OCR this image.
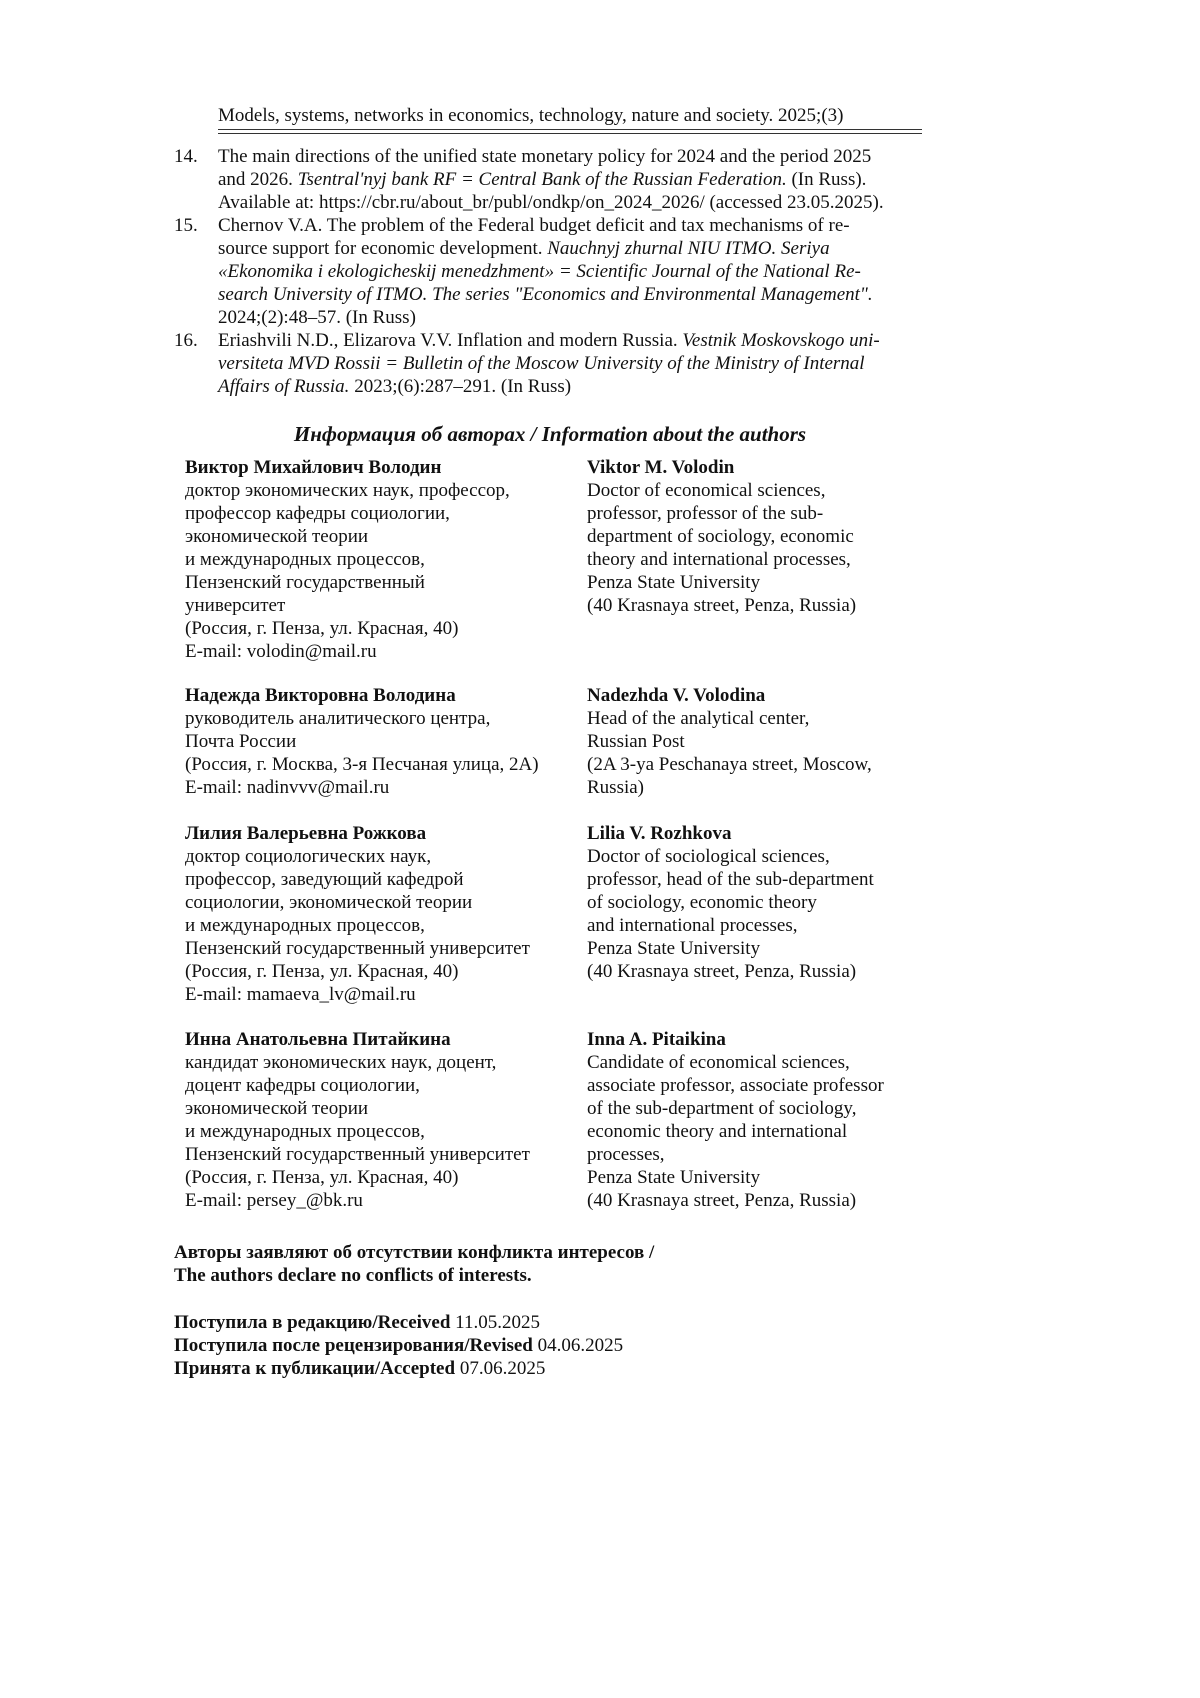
Models, systems, networks in economics, technology, nature and society. 2025;(3)
14.	The main directions of the unified state monetary policy for 2024 and the period 2025
and 2026. Tsentral'nyj bank RF = Central Bank of the Russian Federation. (In Russ).
Available at: https://cbr.ru/about_br/publ/ondkp/on_2024_2026/ (accessed 23.05.2025).
15.	Chernov V.A. The problem of the Federal budget deficit and tax mechanisms of re-
source support for economic development. Nauchnyj zhurnal NIU ITMO. Seriya
«Ekonomika i ekologicheskij menedzhment» = Scientific Journal of the National Re-
search University of ITMO. The series "Economics and Environmental Management".
2024;(2):48–57. (In Russ)
16.	Eriashvili N.D., Elizarova V.V. Inflation and modern Russia. Vestnik Moskovskogo uni-
versiteta MVD Rossii = Bulletin of the Moscow University of the Ministry of Internal
Affairs of Russia. 2023;(6):287–291. (In Russ)
Информация об авторах / Information about the authors
Виктор Михайлович Володин
доктор экономических наук, профессор,
профессор кафедры социологии,
экономической теории
и международных процессов,
Пензенский государственный
университет
(Россия, г. Пенза, ул. Красная, 40)
E-mail: volodin@mail.ru
Viktor M. Volodin
Doctor of economical sciences,
professor, professor of the sub-
department of sociology, economic
theory and international processes,
Penza State University
(40 Krasnaya street, Penza, Russia)
Надежда Викторовна Володина
руководитель аналитического центра,
Почта России
(Россия, г. Москва, 3-я Песчаная улица, 2А)
E-mail: nadinvvv@mail.ru
Nadezhda V. Volodina
Head of the analytical center,
Russian Post
(2A 3-ya Peschanaya street, Moscow,
Russia)
Лилия Валерьевна Рожкова
доктор социологических наук,
профессор, заведующий кафедрой
социологии, экономической теории
и международных процессов,
Пензенский государственный университет
(Россия, г. Пенза, ул. Красная, 40)
E-mail: mamaeva_lv@mail.ru
Lilia V. Rozhkova
Doctor of sociological sciences,
professor, head of the sub-department
of sociology, economic theory
and international processes,
Penza State University
(40 Krasnaya street, Penza, Russia)
Инна Анатольевна Питайкина
кандидат экономических наук, доцент,
доцент кафедры социологии,
экономической теории
и международных процессов,
Пензенский государственный университет
(Россия, г. Пенза, ул. Красная, 40)
E-mail: persey_@bk.ru
Inna A. Pitaikina
Candidate of economical sciences,
associate professor, associate professor
of the sub-department of sociology,
economic theory and international
processes,
Penza State University
(40 Krasnaya street, Penza, Russia)
Авторы заявляют об отсутствии конфликта интересов /
The authors declare no conflicts of interests.
Поступила в редакцию/Received 11.05.2025
Поступила после рецензирования/Revised 04.06.2025
Принята к публикации/Accepted 07.06.2025
